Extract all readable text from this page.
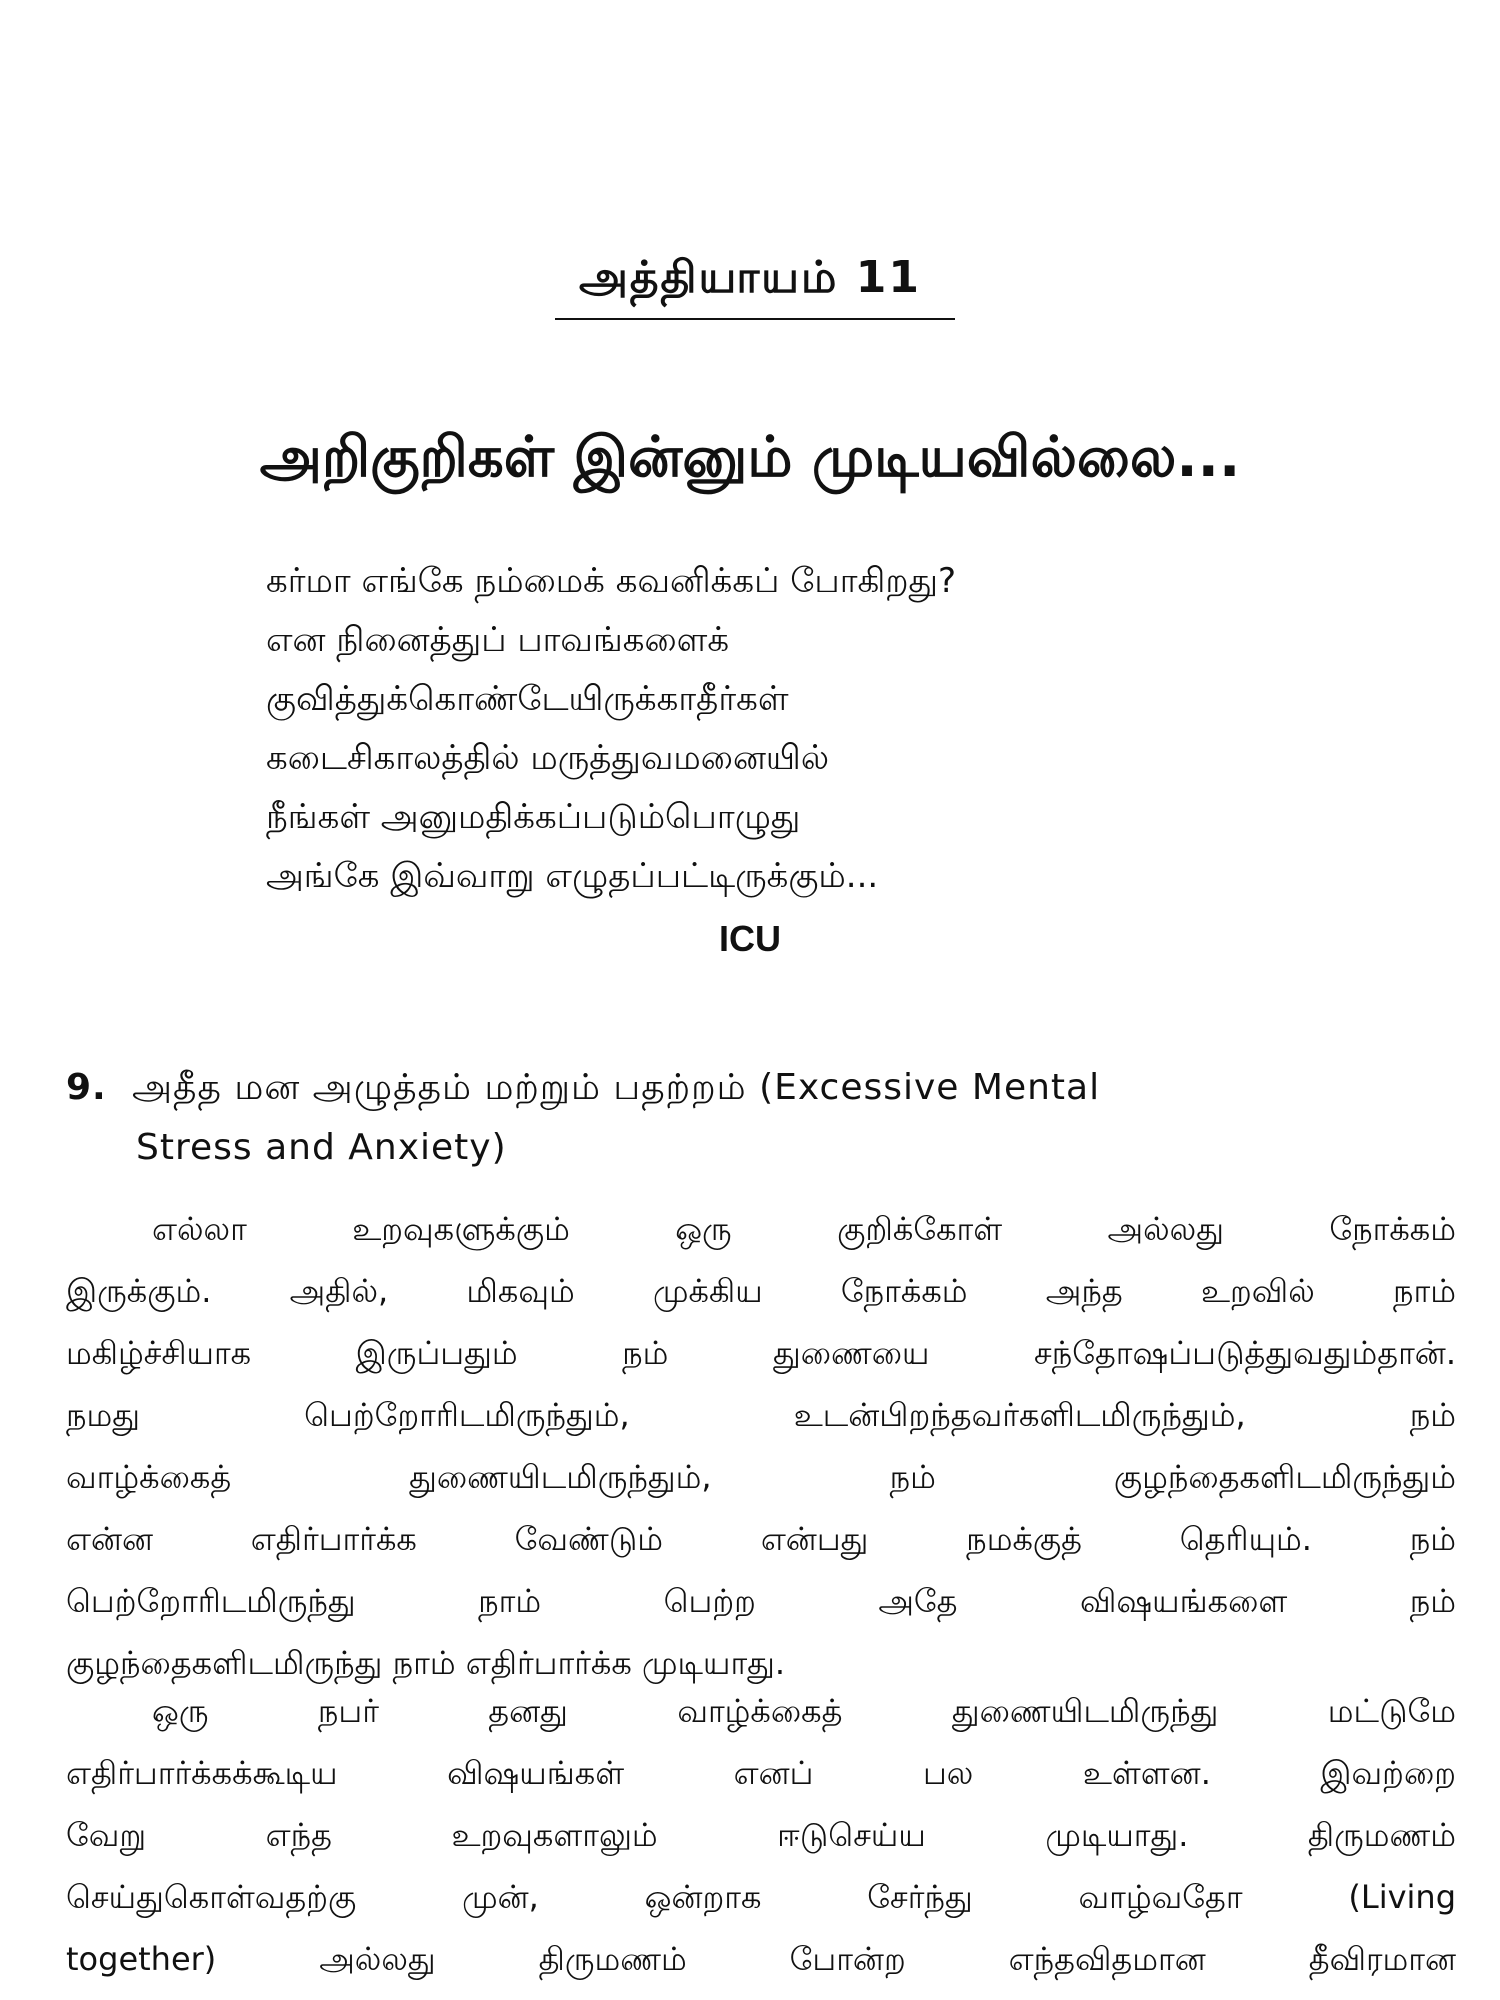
அத்தியாயம் 11
அறிகுறிகள் இன்னும் முடியவில்லை...
கர்மா எங்கே நம்மைக் கவனிக்கப் போகிறது?
என நினைத்துப் பாவங்களைக்
குவித்துக்கொண்டேயிருக்காதீர்கள்
கடைசிகாலத்தில் மருத்துவமனையில்
நீங்கள் அனுமதிக்கப்படும்பொழுது
அங்கே இவ்வாறு எழுதப்பட்டிருக்கும்...
ICU
9. அதீத மன அழுத்தம் மற்றும் பதற்றம் (Excessive Mental
Stress and Anxiety)
எல்லா உறவுகளுக்கும் ஒரு குறிக்கோள் அல்லது நோக்கம்
இருக்கும். அதில், மிகவும் முக்கிய நோக்கம் அந்த உறவில் நாம்
மகிழ்ச்சியாக இருப்பதும் நம் துணையை சந்தோஷப்படுத்துவதும்தான்.
நமது பெற்றோரிடமிருந்தும், உடன்பிறந்தவர்களிடமிருந்தும், நம்
வாழ்க்கைத் துணையிடமிருந்தும், நம் குழந்தைகளிடமிருந்தும்
என்ன எதிர்பார்க்க வேண்டும் என்பது நமக்குத் தெரியும். நம்
பெற்றோரிடமிருந்து நாம் பெற்ற அதே விஷயங்களை நம்
குழந்தைகளிடமிருந்து நாம் எதிர்பார்க்க முடியாது.
ஒரு நபர் தனது வாழ்க்கைத் துணையிடமிருந்து மட்டுமே
எதிர்பார்க்கக்கூடிய விஷயங்கள் எனப் பல உள்ளன. இவற்றை
வேறு எந்த உறவுகளாலும் ஈடுசெய்ய முடியாது. திருமணம்
செய்துகொள்வதற்கு முன், ஒன்றாக சேர்ந்து வாழ்வதோ (Living
together) அல்லது திருமணம் போன்ற எந்தவிதமான தீவிரமான
